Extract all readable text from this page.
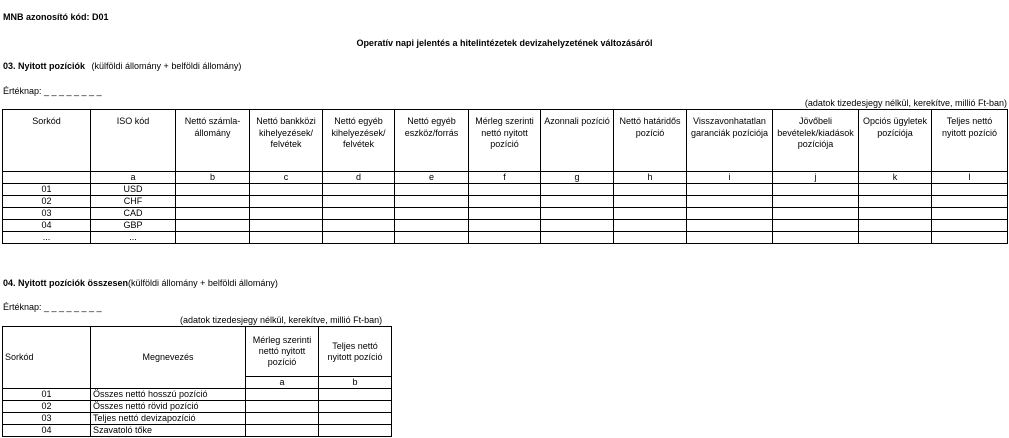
MNB azonosító kód: D01
Operatív napi jelentés a hitelintézetek devizahelyzetének változásáról
03. Nyitott pozíciók (külföldi állomány + belföldi állomány)
Értéknap: _ _ _ _ _ _ _ _
(adatok tizedesjegy nélkül, kerekítve, millió Ft-ban)
Sorkód	ISO kód	Nettó számla-állomány	Nettó bankközi kihelyezések/ felvétek	Nettó egyéb kihelyezések/ felvétek	Nettó egyéb eszköz/forrás	Mérleg szerinti nettó nyitott pozíció	Azonnali pozíció	Nettó határidős pozíció	Visszavonhatatlan garanciák pozíciója	Jövőbeli bevételek/kiadások pozíciója	Opciós ügyletek pozíciója	Teljes nettó nyitott pozíció
	a	b	c	d	e	f	g	h	i	j	k	l
01	USD											
02	CHF											
03	CAD											
04	GBP											
...	...											
04. Nyitott pozíciók összesen(külföldi állomány + belföldi állomány)
Értéknap: _ _ _ _ _ _ _ _
(adatok tizedesjegy nélkül, kerekítve, millió Ft-ban)
Sorkód	Megnevezés	Mérleg szerinti nettó nyitott pozíció	Teljes nettó nyitott pozíció
		a	b
01	Összes nettó hosszú pozíció		
02	Összes nettó rövid pozíció		
03	Teljes nettó devizapozíció		
04	Szavatoló tőke		
